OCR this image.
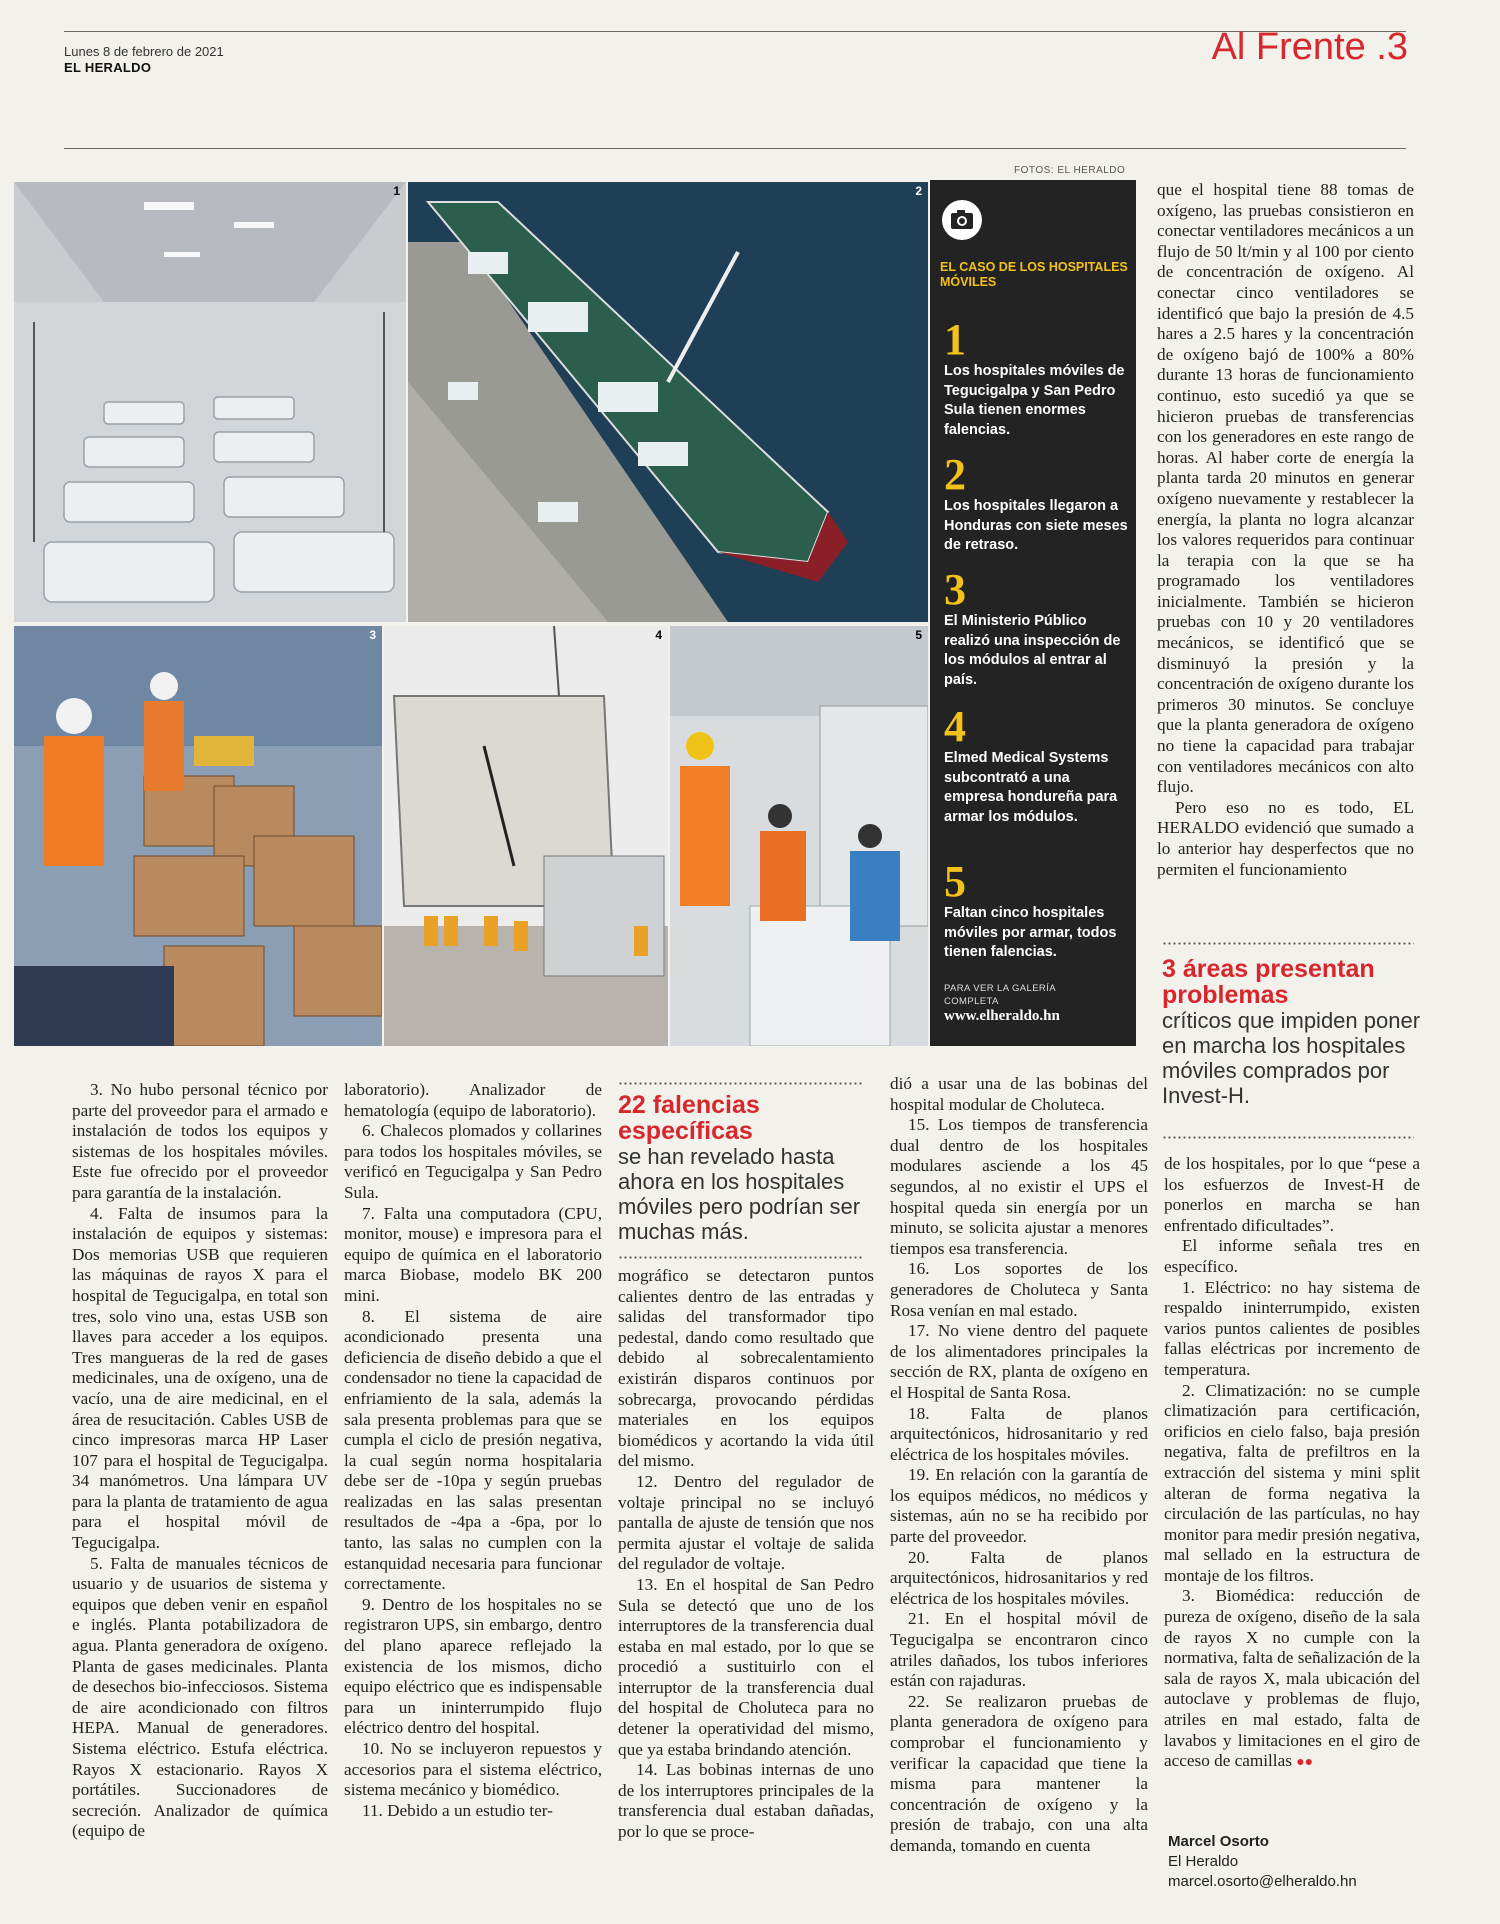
Lunes 8 de febrero de 2021
EL HERALDO	Al Frente .3
FOTOS: EL HERALDO
1	2
3	4	5
EL CASO DE LOS HOSPITALES MÓVILES
1
Los hospitales móviles de Tegucigalpa y San Pedro Sula tienen enormes falencias.
2
Los hospitales llegaron a Honduras con siete meses de retraso.
3
El Ministerio Público realizó una inspección de los módulos al entrar al país.
4
Elmed Medical Systems subcontrató a una empresa hondureña para armar los módulos.
5
Faltan cinco hospitales móviles por armar, todos tienen falencias.
PARA VER LA GALERÍA COMPLETA
www.elheraldo.hn

que el hospital tiene 88 tomas de oxígeno, las pruebas consistieron en conectar ventiladores mecánicos a un flujo de 50 lt/min y al 100 por ciento de concentración de oxígeno. Al conectar cinco ventiladores se identificó que bajo la presión de 4.5 hares a 2.5 hares y la concentración de oxígeno bajó de 100% a 80% durante 13 horas de funcionamiento continuo, esto sucedió ya que se hicieron pruebas de transferencias con los generadores en este rango de horas. Al haber corte de energía la planta tarda 20 minutos en generar oxígeno nuevamente y restablecer la energía, la planta no logra alcanzar los valores requeridos para continuar la terapia con la que se ha programado los ventiladores inicialmente. También se hicieron pruebas con 10 y 20 ventiladores mecánicos, se identificó que se disminuyó la presión y la concentración de oxígeno durante los primeros 30 minutos. Se concluye que la planta generadora de oxígeno no tiene la capacidad para trabajar con ventiladores mecánicos con alto flujo.

Pero eso no es todo, EL HERALDO evidenció que sumado a lo anterior hay desperfectos que no permiten el funcionamiento

3 áreas presentan problemas
críticos que impiden poner en marcha los hospitales móviles comprados por Invest-H.
22 falencias específicas
se han revelado hasta ahora en los hospitales móviles pero podrían ser muchas más.

3. No hubo personal técnico por parte del proveedor para el armado e instalación de todos los equipos y sistemas de los hospitales móviles. Este fue ofrecido por el proveedor para garantía de la instalación.

4. Falta de insumos para la instalación de equipos y sistemas: Dos memorias USB que requieren las máquinas de rayos X para el hospital de Tegucigalpa, en total son tres, solo vino una, estas USB son llaves para acceder a los equipos. Tres mangueras de la red de gases medicinales, una de oxígeno, una de vacío, una de aire medicinal, en el área de resucitación. Cables USB de cinco impresoras marca HP Laser 107 para el hospital de Tegucigalpa. 34 manómetros. Una lámpara UV para la planta de tratamiento de agua para el hospital móvil de Tegucigalpa.

5. Falta de manuales técnicos de usuario y de usuarios de sistema y equipos que deben venir en español e inglés. Planta potabilizadora de agua. Planta generadora de oxígeno. Planta de gases medicinales. Planta de desechos bio-infecciosos. Sistema de aire acondicionado con filtros HEPA. Manual de generadores. Sistema eléctrico. Estufa eléctrica. Rayos X estacionario. Rayos X portátiles. Succionadores de secreción. Analizador de química (equipo de

laboratorio). Analizador de hematología (equipo de laboratorio).

6. Chalecos plomados y collarines para todos los hospitales móviles, se verificó en Tegucigalpa y San Pedro Sula.

7. Falta una computadora (CPU, monitor, mouse) e impresora para el equipo de química en el laboratorio marca Biobase, modelo BK 200 mini.

8. El sistema de aire acondicionado presenta una deficiencia de diseño debido a que el condensador no tiene la capacidad de enfriamiento de la sala, además la sala presenta problemas para que se cumpla el ciclo de presión negativa, la cual según norma hospitalaria debe ser de -10pa y según pruebas realizadas en las salas presentan resultados de -4pa a -6pa, por lo tanto, las salas no cumplen con la estanquidad necesaria para funcionar correctamente.

9. Dentro de los hospitales no se registraron UPS, sin embargo, dentro del plano aparece reflejado la existencia de los mismos, dicho equipo eléctrico que es indispensable para un ininterrumpido flujo eléctrico dentro del hospital.

10. No se incluyeron repuestos y accesorios para el sistema eléctrico, sistema mecánico y biomédico.

11. Debido a un estudio ter-

mográfico se detectaron puntos calientes dentro de las entradas y salidas del transformador tipo pedestal, dando como resultado que debido al sobrecalentamiento existirán disparos continuos por sobrecarga, provocando pérdidas materiales en los equipos biomédicos y acortando la vida útil del mismo.

12. Dentro del regulador de voltaje principal no se incluyó pantalla de ajuste de tensión que nos permita ajustar el voltaje de salida del regulador de voltaje.

13. En el hospital de San Pedro Sula se detectó que uno de los interruptores de la transferencia dual estaba en mal estado, por lo que se procedió a sustituirlo con el interruptor de la transferencia dual del hospital de Choluteca para no detener la operatividad del mismo, que ya estaba brindando atención.

14. Las bobinas internas de uno de los interruptores principales de la transferencia dual estaban dañadas, por lo que se proce-

dió a usar una de las bobinas del hospital modular de Choluteca.

15. Los tiempos de transferencia dual dentro de los hospitales modulares asciende a los 45 segundos, al no existir el UPS el hospital queda sin energía por un minuto, se solicita ajustar a menores tiempos esa transferencia.

16. Los soportes de los generadores de Choluteca y Santa Rosa venían en mal estado.

17. No viene dentro del paquete de los alimentadores principales la sección de RX, planta de oxígeno en el Hospital de Santa Rosa.

18. Falta de planos arquitectónicos, hidrosanitario y red eléctrica de los hospitales móviles.

19. En relación con la garantía de los equipos médicos, no médicos y sistemas, aún no se ha recibido por parte del proveedor.

20. Falta de planos arquitectónicos, hidrosanitarios y red eléctrica de los hospitales móviles.

21. En el hospital móvil de Tegucigalpa se encontraron cinco atriles dañados, los tubos inferiores están con rajaduras.

22. Se realizaron pruebas de planta generadora de oxígeno para comprobar el funcionamiento y verificar la capacidad que tiene la misma para mantener la concentración de oxígeno y la presión de trabajo, con una alta demanda, tomando en cuenta

de los hospitales, por lo que “pese a los esfuerzos de Invest-H de ponerlos en marcha se han enfrentado dificultades”.

El informe señala tres en específico.

1. Eléctrico: no hay sistema de respaldo ininterrumpido, existen varios puntos calientes de posibles fallas eléctricas por incremento de temperatura.

2. Climatización: no se cumple climatización para certificación, orificios en cielo falso, baja presión negativa, falta de prefiltros en la extracción del sistema y mini split alteran de forma negativa la circulación de las partículas, no hay monitor para medir presión negativa, mal sellado en la estructura de montaje de los filtros.

3. Biomédica: reducción de pureza de oxígeno, diseño de la sala de rayos X no cumple con la normativa, falta de señalización de la sala de rayos X, mala ubicación del autoclave y problemas de flujo, atriles en mal estado, falta de lavabos y limitaciones en el giro de acceso de camillas ●●

Marcel Osorto
El Heraldo
marcel.osorto@elheraldo.hn
